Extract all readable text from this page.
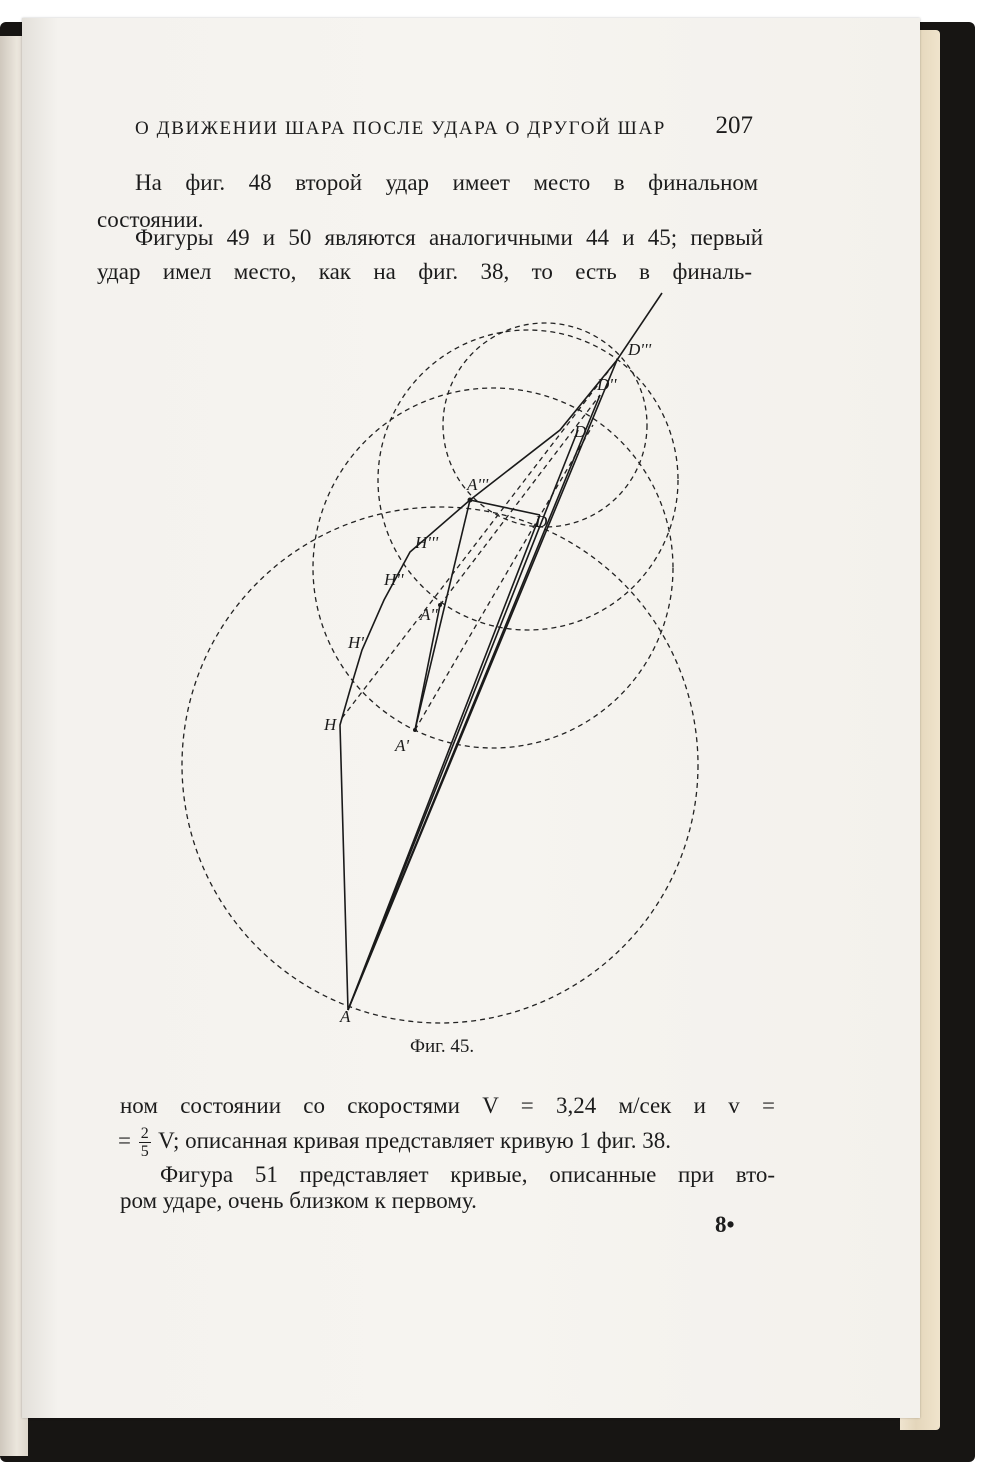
О ДВИЖЕНИИ ШАРА ПОСЛЕ УДАРА О ДРУГОЙ ШАР 207
На фиг. 48 второй удар имеет место в финальном
состоянии.
Фигуры 49 и 50 являются аналогичными 44 и 45; первый
удар имел место, как на фиг. 38, то есть в финаль-
A
A'
A''
A'''
H
H'
H''
H'''
D
D'
D''
D'''
Фиг. 45.
ном состоянии со скоростями V = 3,24 м/сек и v =
= $\frac{2}{5} V$; описанная кривая представляет кривую 1 фиг. 38.
Фигура 51 представляет кривые, описанные при вто-
ром ударе, очень близком к первому.
8•
